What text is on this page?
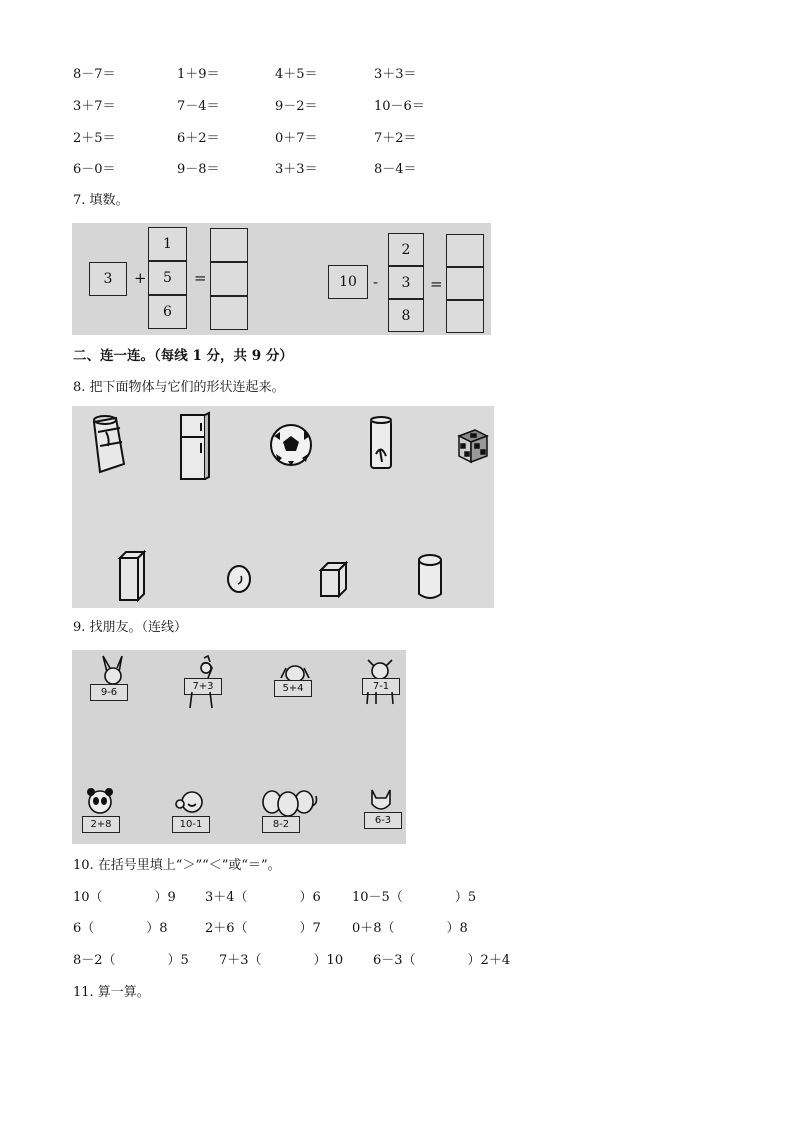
8－7＝	1＋9＝	4＋5＝	3＋3＝
3＋7＝	7－4＝	9－2＝	10－6＝
2＋5＝	6＋2＝	0＋7＝	7＋2＝
6－0＝	9－8＝	3＋3＝	8－4＝
7. 填数。
3	+
1
5
6
=	10	-
2
3
8
=
二、连一连。（每线 1 分，共 9 分）
8. 把下面物体与它们的形状连起来。
9. 找朋友。（连线）
9-6
7+3	5+4	7-1
2+8	10-1	8-2	6-3
10. 在括号里填上“＞”“＜”或“＝”。
10（　　　　）9 3＋4（　　　　）6 10－5（　　　　）5
6（　　　　）8	2＋6（　　　　）7 0＋8（　　　　）8
8－2（　　　　）5 7＋3（　　　　）10 6－3（　　　　）2＋4
11. 算一算。
